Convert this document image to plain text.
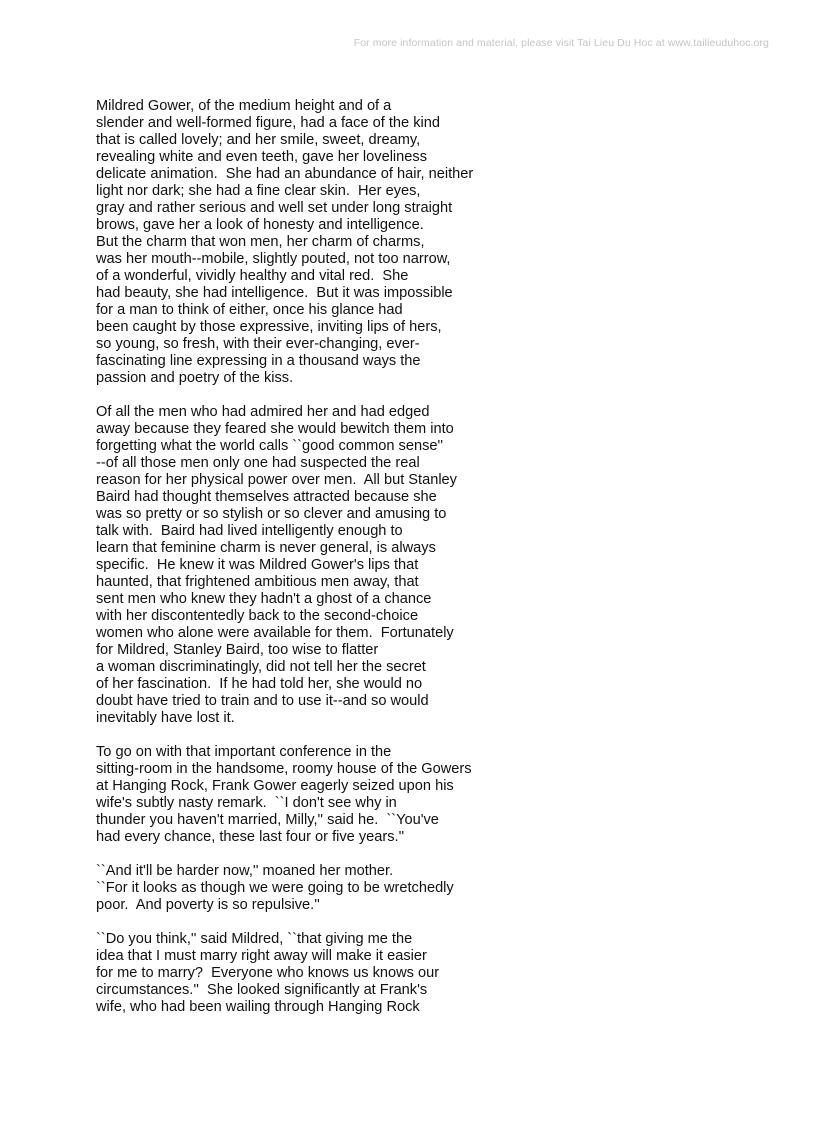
For more information and material, please visit Tai Lieu Du Hoc at www.tailieuduhoc.org
Mildred Gower, of the medium height and of a
slender and well-formed figure, had a face of the kind
that is called lovely; and her smile, sweet, dreamy,
revealing white and even teeth, gave her loveliness
delicate animation.  She had an abundance of hair, neither
light nor dark; she had a fine clear skin.  Her eyes,
gray and rather serious and well set under long straight
brows, gave her a look of honesty and intelligence.
But the charm that won men, her charm of charms,
was her mouth--mobile, slightly pouted, not too narrow,
of a wonderful, vividly healthy and vital red.  She
had beauty, she had intelligence.  But it was impossible
for a man to think of either, once his glance had
been caught by those expressive, inviting lips of hers,
so young, so fresh, with their ever-changing, ever-
fascinating line expressing in a thousand ways the
passion and poetry of the kiss.
Of all the men who had admired her and had edged
away because they feared she would bewitch them into
forgetting what the world calls ``good common sense''
--of all those men only one had suspected the real
reason for her physical power over men.  All but Stanley
Baird had thought themselves attracted because she
was so pretty or so stylish or so clever and amusing to
talk with.  Baird had lived intelligently enough to
learn that feminine charm is never general, is always
specific.  He knew it was Mildred Gower's lips that
haunted, that frightened ambitious men away, that
sent men who knew they hadn't a ghost of a chance
with her discontentedly back to the second-choice
women who alone were available for them.  Fortunately
for Mildred, Stanley Baird, too wise to flatter
a woman discriminatingly, did not tell her the secret
of her fascination.  If he had told her, she would no
doubt have tried to train and to use it--and so would
inevitably have lost it.
To go on with that important conference in the
sitting-room in the handsome, roomy house of the Gowers
at Hanging Rock, Frank Gower eagerly seized upon his
wife's subtly nasty remark.  ``I don't see why in
thunder you haven't married, Milly,'' said he.  ``You've
had every chance, these last four or five years.''
``And it'll be harder now,'' moaned her mother.
``For it looks as though we were going to be wretchedly
poor.  And poverty is so repulsive.''
``Do you think,'' said Mildred, ``that giving me the
idea that I must marry right away will make it easier
for me to marry?  Everyone who knows us knows our
circumstances.''  She looked significantly at Frank's
wife, who had been wailing through Hanging Rock
